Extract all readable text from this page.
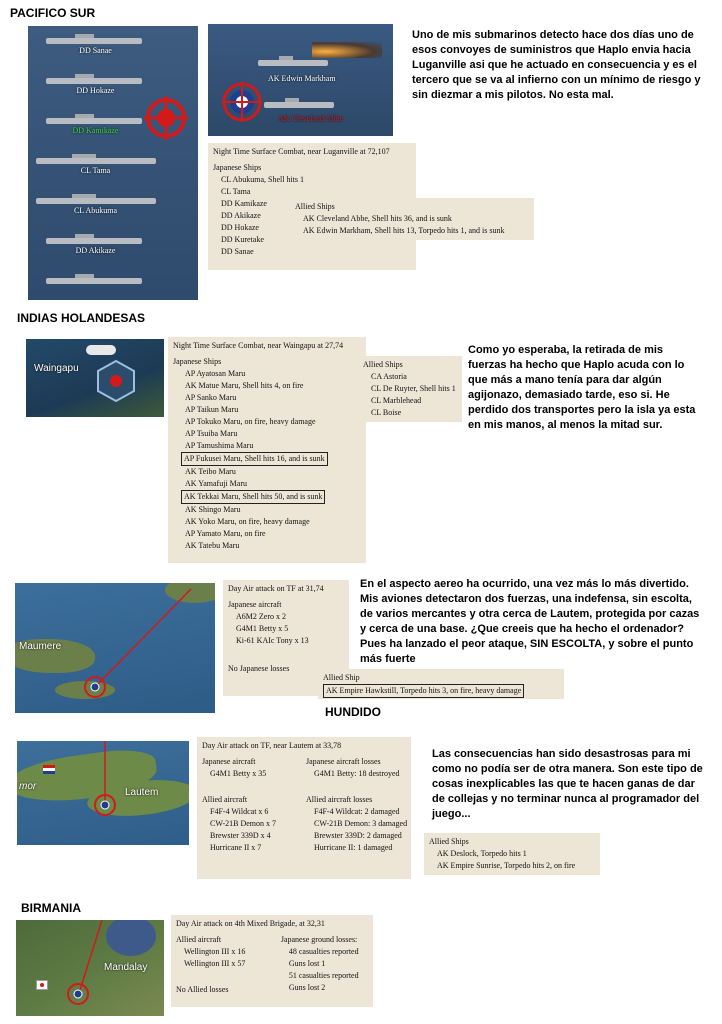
PACIFICO SUR
DD Sanae
DD Hokaze
DD Kamikaze
CL Tama
CL Abukuma
DD Akikaze
AK Edwin Markham
AK Cleveland Abbe
Uno de mis submarinos detecto hace dos días uno de esos convoyes de suministros que Haplo envia hacia Luganville asi que he actuado en consecuencia y es el tercero que se va al infierno con un mínimo de riesgo y sin diezmar a mis pilotos. No esta mal.
Night Time Surface Combat, near Luganville at 72,107
Japanese Ships
CL Abukuma, Shell hits 1
CL Tama
DD Kamikaze
DD Akikaze
DD Hokaze
DD Kuretake
DD Sanae
Allied Ships
AK Cleveland Abbe, Shell hits 36, and is sunk
AK Edwin Markham, Shell hits 13, Torpedo hits 1, and is sunk
INDIAS HOLANDESAS
Waingapu
Night Time Surface Combat, near Waingapu at 27,74
Japanese Ships
AP Ayatosan Maru
AK Matue Maru, Shell hits 4, on fire
AP Sanko Maru
AP Taikun Maru
AP Tokuko Maru, on fire, heavy damage
AP Tsuiba Maru
AP Tamushima Maru
AP Fukusei Maru, Shell hits 16, and is sunk
AK Teibo Maru
AK Yamafuji Maru
AK Tekkai Maru, Shell hits 50, and is sunk
AK Shingo Maru
AK Yoko Maru, on fire, heavy damage
AP Yamato Maru, on fire
AK Tatebu Maru
Allied Ships
CA Astoria
CL De Ruyter, Shell hits 1
CL Marblehead
CL Boise
Como yo esperaba, la retirada de mis fuerzas ha hecho que Haplo acuda con lo que más a mano tenía para dar algún agijonazo, demasiado tarde, eso si. He perdido dos transportes pero la isla ya esta en mis manos, al menos la mitad sur.
Maumere
Day Air attack on TF at 31,74
Japanese aircraft
A6M2 Zero x 2
G4M1 Betty x 5
Ki-61 KAIc Tony x 13
No Japanese losses
Allied Ship
AK Empire Hawkstill, Torpedo hits 3, on fire, heavy damage
En el aspecto aereo ha ocurrido, una vez más lo más divertido. Mis aviones detectaron dos fuerzas, una indefensa, sin escolta, de varios mercantes y otra cerca de Lautem, protegida por cazas y cerca de una base. ¿Que creeis que ha hecho el ordenador? Pues ha lanzado el peor ataque, SIN ESCOLTA, y sobre el punto más fuerte
HUNDIDO
mor
Lautem
Day Air attack on TF, near Lautem at 33,78
Japanese aircraft
G4M1 Betty x 35
Allied aircraft
F4F-4 Wildcat x 6
CW-21B Demon x 7
Brewster 339D x 4
Hurricane II x 7
Japanese aircraft losses
G4M1 Betty: 18 destroyed
Allied aircraft losses
F4F-4 Wildcat: 2 damaged
CW-21B Demon: 3 damaged
Brewster 339D: 2 damaged
Hurricane II: 1 damaged
Las consecuencias han sido desastrosas para mi como no podía ser de otra manera. Son este tipo de cosas inexplicables las que te hacen ganas de dar de collejas y no terminar nunca al programador del juego...
Allied Ships
AK Deslock, Torpedo hits 1
AK Empire Sunrise, Torpedo hits 2, on fire
BIRMANIA
Mandalay
Day Air attack on 4th Mixed Brigade, at 32,31
Allied aircraft
Wellington III x 16
Wellington III x 57
No Allied losses
Japanese ground losses:
48 casualties reported
Guns lost 1
51 casualties reported
Guns lost 2
